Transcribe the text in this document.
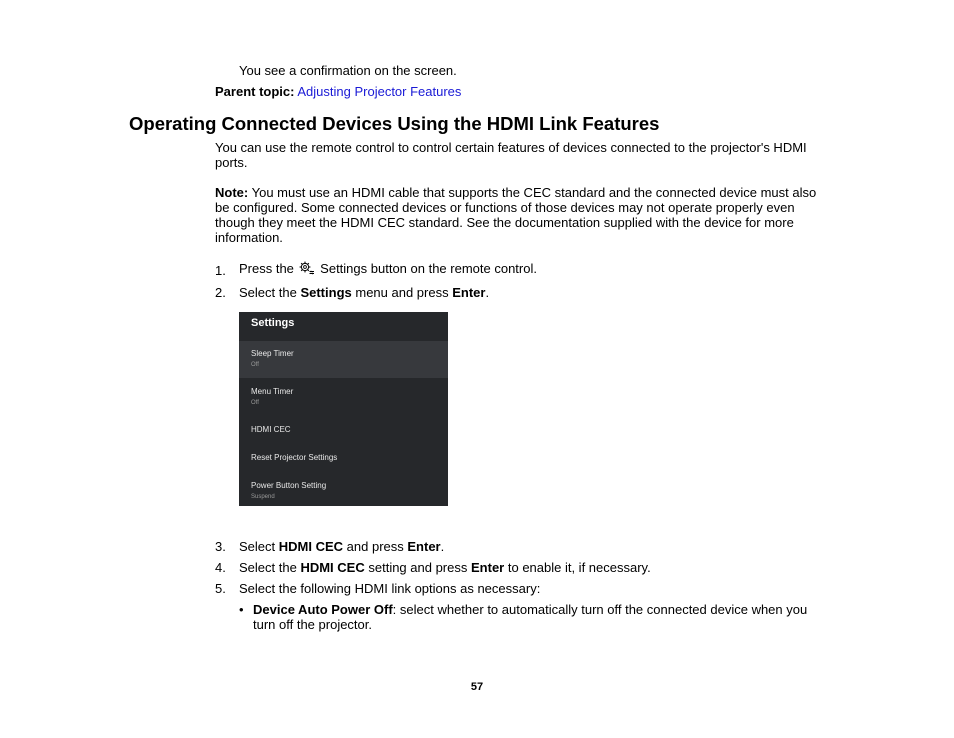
You see a confirmation on the screen.
Parent topic: Adjusting Projector Features
Operating Connected Devices Using the HDMI Link Features
You can use the remote control to control certain features of devices connected to the projector's HDMI ports.
Note: You must use an HDMI cable that supports the CEC standard and the connected device must also be configured. Some connected devices or functions of those devices may not operate properly even though they meet the HDMI CEC standard. See the documentation supplied with the device for more information.
1. Press the Settings button on the remote control.
2. Select the Settings menu and press Enter.
Settings
Sleep Timer
Off
Menu Timer
Off
HDMI CEC
Reset Projector Settings
Power Button Setting
Suspend
3. Select HDMI CEC and press Enter.
4. Select the HDMI CEC setting and press Enter to enable it, if necessary.
5. Select the following HDMI link options as necessary:
• Device Auto Power Off: select whether to automatically turn off the connected device when you turn off the projector.
57
